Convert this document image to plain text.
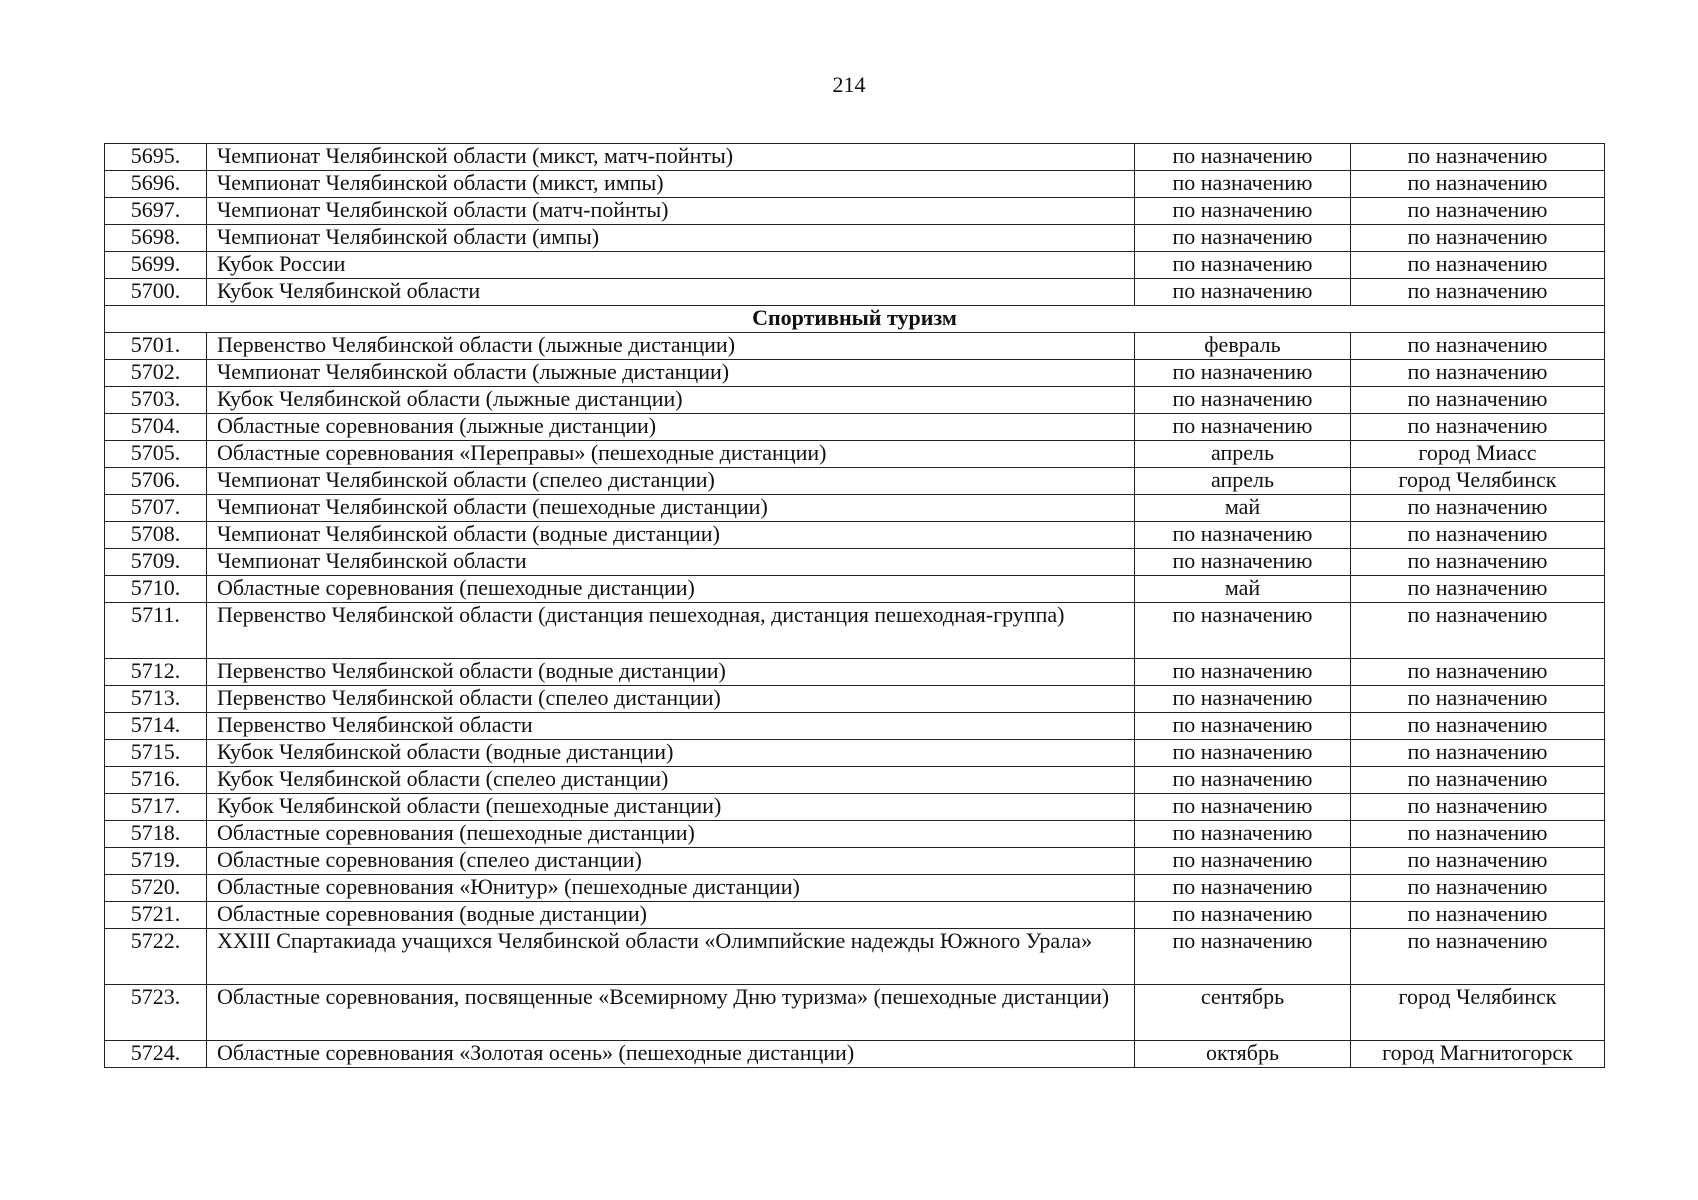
214
5695.	Чемпионат Челябинской области (микст, матч-пойнты)	по назначению	по назначению
5696.	Чемпионат Челябинской области (микст, импы)	по назначению	по назначению
5697.	Чемпионат Челябинской области (матч-пойнты)	по назначению	по назначению
5698.	Чемпионат Челябинской области (импы)	по назначению	по назначению
5699.	Кубок России	по назначению	по назначению
5700.	Кубок Челябинской области	по назначению	по назначению
Спортивный туризм			
5701.	Первенство Челябинской области (лыжные дистанции)	февраль	по назначению
5702.	Чемпионат Челябинской области (лыжные дистанции)	по назначению	по назначению
5703.	Кубок Челябинской области (лыжные дистанции)	по назначению	по назначению
5704.	Областные соревнования (лыжные дистанции)	по назначению	по назначению
5705.	Областные соревнования «Переправы» (пешеходные дистанции)	апрель	город Миасс
5706.	Чемпионат Челябинской области (спелео дистанции)	апрель	город Челябинск
5707.	Чемпионат Челябинской области (пешеходные дистанции)	май	по назначению
5708.	Чемпионат Челябинской области (водные дистанции)	по назначению	по назначению
5709.	Чемпионат Челябинской области	по назначению	по назначению
5710.	Областные соревнования (пешеходные дистанции)	май	по назначению
5711.	Первенство Челябинской области (дистанция пешеходная, дистанция пешеходная-группа)	по назначению	по назначению
5712.	Первенство Челябинской области (водные дистанции)	по назначению	по назначению
5713.	Первенство Челябинской области (спелео дистанции)	по назначению	по назначению
5714.	Первенство Челябинской области	по назначению	по назначению
5715.	Кубок Челябинской области (водные дистанции)	по назначению	по назначению
5716.	Кубок Челябинской области (спелео дистанции)	по назначению	по назначению
5717.	Кубок Челябинской области (пешеходные дистанции)	по назначению	по назначению
5718.	Областные соревнования (пешеходные дистанции)	по назначению	по назначению
5719.	Областные соревнования (спелео дистанции)	по назначению	по назначению
5720.	Областные соревнования «Юнитур» (пешеходные дистанции)	по назначению	по назначению
5721.	Областные соревнования (водные дистанции)	по назначению	по назначению
5722.	XXIII Спартакиада учащихся Челябинской области «Олимпийские надежды Южного Урала»	по назначению	по назначению
5723.	Областные соревнования, посвященные «Всемирному Дню туризма» (пешеходные дистанции)	сентябрь	город Челябинск
5724.	Областные соревнования «Золотая осень» (пешеходные дистанции)	октябрь	город Магнитогорск
